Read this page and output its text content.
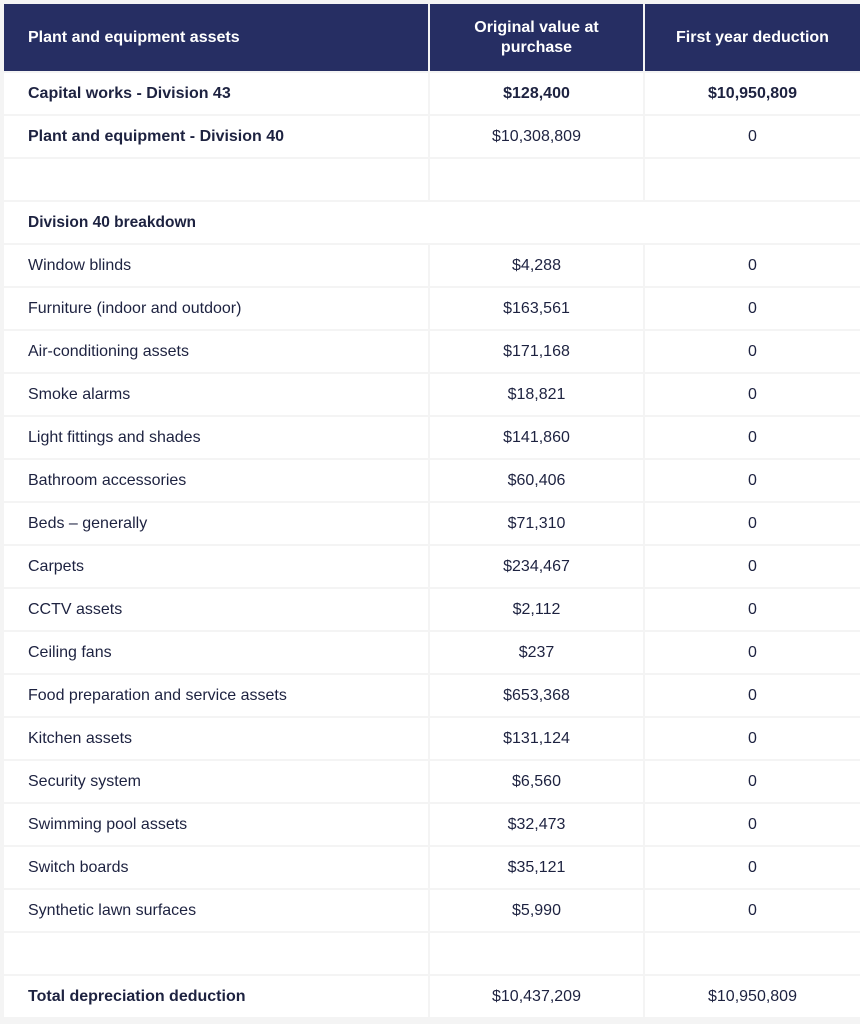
Plant and equipment assets	Original value at purchase	First year deduction
Capital works - Division 43	$128,400	$10,950,809
Plant and equipment - Division 40	$10,308,809	0

Division 40 breakdown		
Window blinds	$4,288	0
Furniture (indoor and outdoor)	$163,561	0
Air-conditioning assets	$171,168	0
Smoke alarms	$18,821	0
Light fittings and shades	$141,860	0
Bathroom accessories	$60,406	0
Beds – generally	$71,310	0
Carpets	$234,467	0
CCTV assets	$2,112	0
Ceiling fans	$237	0
Food preparation and service assets	$653,368	0
Kitchen assets	$131,124	0
Security system	$6,560	0
Swimming pool assets	$32,473	0
Switch boards	$35,121	0
Synthetic lawn surfaces	$5,990	0

Total depreciation deduction	$10,437,209	$10,950,809
